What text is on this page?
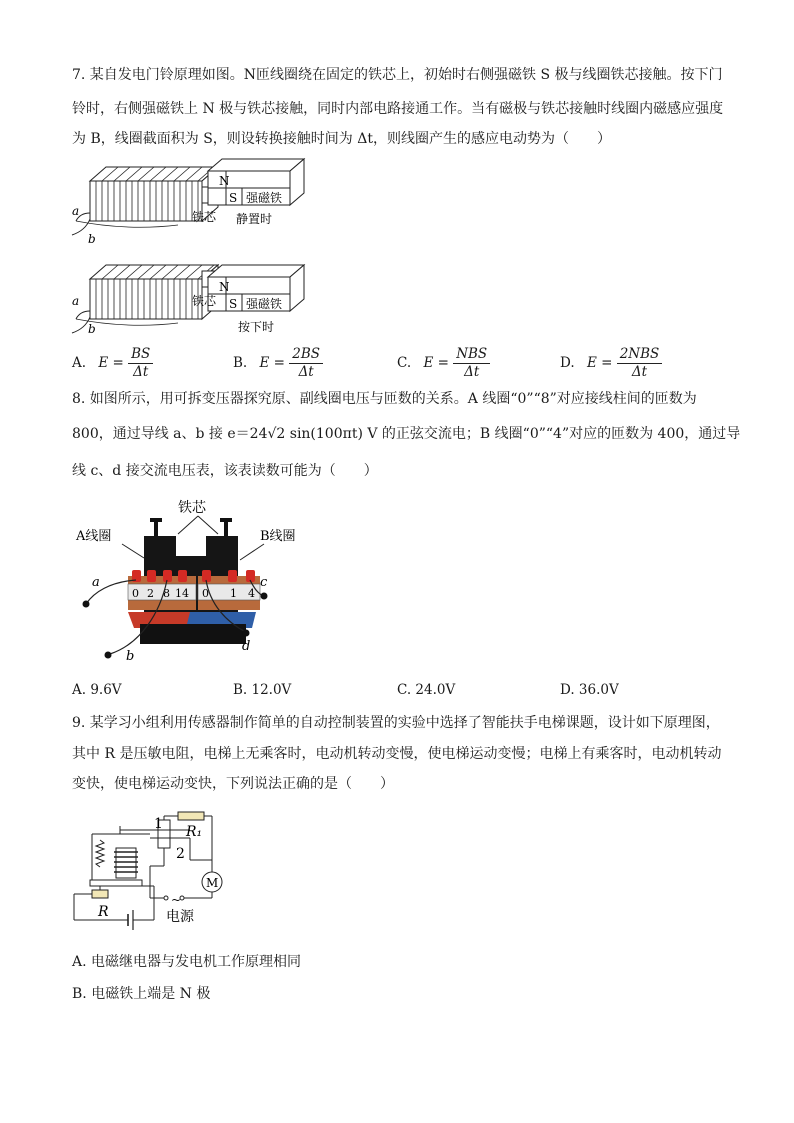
7. 某自发电门铃原理如图。N匝线圈绕在固定的铁芯上，初始时右侧强磁铁 S 极与线圈铁芯接触。按下门
铃时，右侧强磁铁上 N 极与铁芯接触，同时内部电路接通工作。当有磁极与铁芯接触时线圈内磁感应强度
为 B，线圈截面积为 S，则设转换接触时间为 Δt，则线圈产生的感应电动势为（　　）
N
S 强磁铁
a
b
铁芯 静置时
N
S 强磁铁
a
b
铁芯
按下时
A. $E = \frac{BS}{\Delta t}$	B. $E = \frac{2BS}{\Delta t}$	C. $E = \frac{\text{NBS}}{\Delta t}$	D. $E = \frac{\text{2NBS}}{\Delta t}$
8. 如图所示，用可拆变压器探究原、副线圈电压与匝数的关系。A 线圈“0”“8”对应接线柱间的匝数为
800，通过导线 a、b 接 e＝24√2 sin(100πt) V 的正弦交流电；B 线圈“0”“4”对应的匝数为 400，通过导
线 c、d 接交流电压表，该表读数可能为（　　）
铁芯
A线圈	B线圈
0 2 8 14 0 1 4
a
b
c
d
A. 9.6V	B. 12.0V	C. 24.0V	D. 36.0V
9. 某学习小组利用传感器制作简单的自动控制装置的实验中选择了智能扶手电梯课题，设计如下原理图，
其中 R 是压敏电阻，电梯上无乘客时，电动机转动变慢，使电梯运动变慢；电梯上有乘客时，电动机转动
变快，使电梯运动变快，下列说法正确的是（　　）
1
2
R₁
M
~
电源
R
A. 电磁继电器与发电机工作原理相同
B. 电磁铁上端是 N 极
